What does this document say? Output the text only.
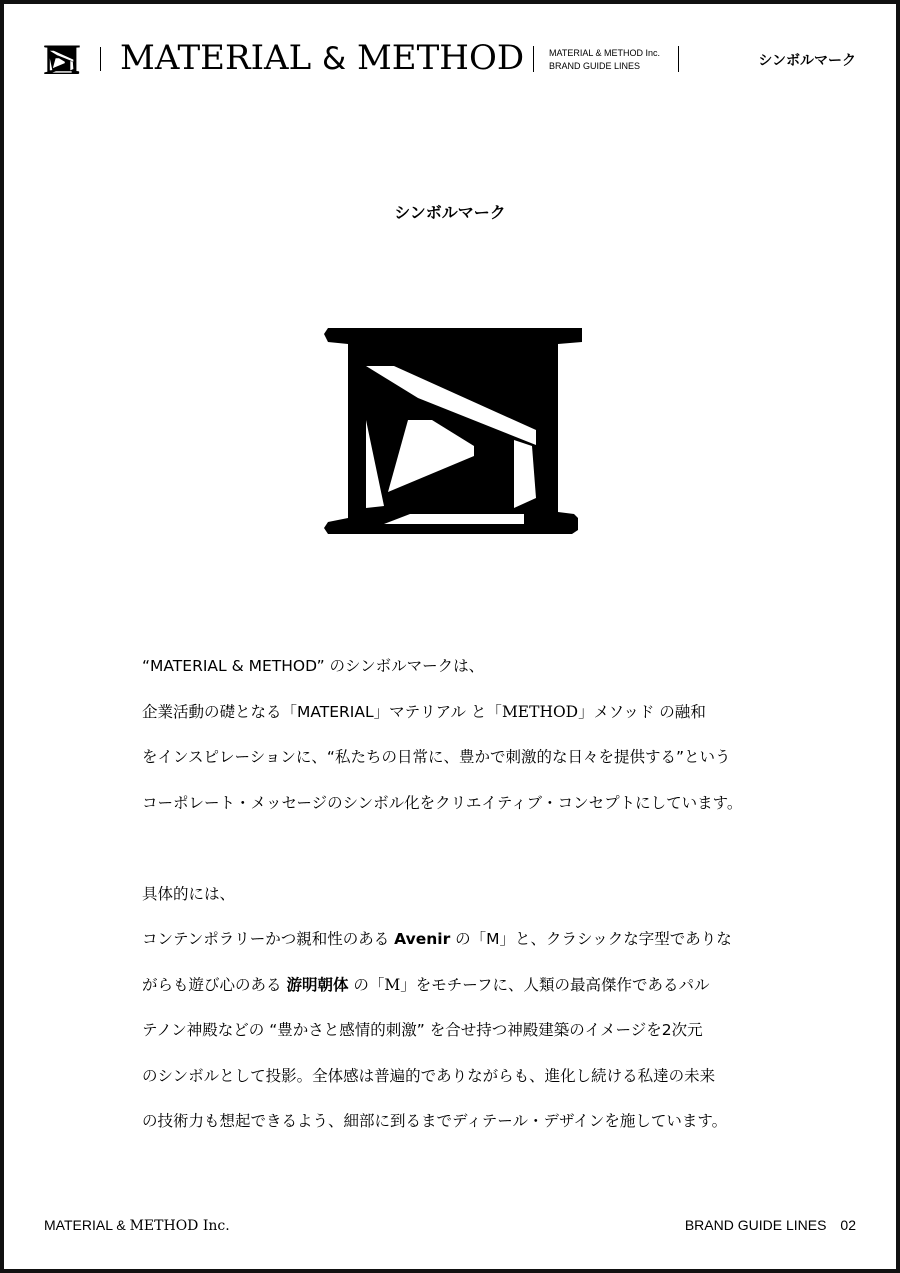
MATERIAL & METHOD	MATERIAL & METHOD Inc.
BRAND GUIDE LINES	シンボルマーク
シンボルマーク

“MATERIAL & METHOD” のシンボルマークは、

企業活動の礎となる「MATERIAL」マテリアル と「METHOD」メソッド の融和

をインスピレーションに、“私たちの日常に、豊かで刺激的な日々を提供する”という

コーポレート・メッセージのシンボル化をクリエイティブ・コンセプトにしています。

具体的には、

コンテンポラリーかつ親和性のある Avenir の「M」と、クラシックな字型でありな

がらも遊び心のある 游明朝体 の「M」をモチーフに、人類の最高傑作であるパル

テノン神殿などの “豊かさと感情的刺激” を合せ持つ神殿建築のイメージを2次元

のシンボルとして投影。全体感は普遍的でありながらも、進化し続ける私達の未来

の技術力も想起できるよう、細部に到るまでディテール・デザインを施しています。

MATERIAL & METHOD Inc.	BRAND GUIDE LINES 02
